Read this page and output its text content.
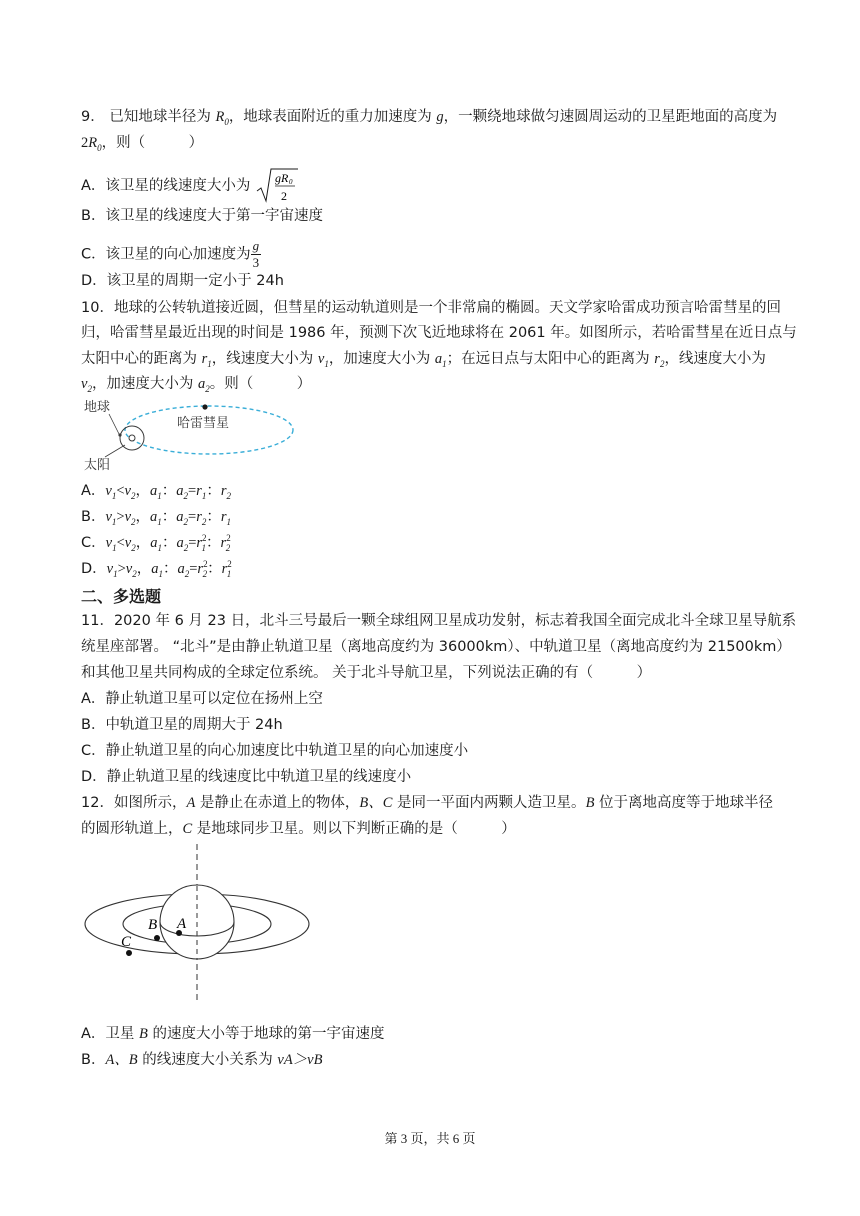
9． 已知地球半径为 $R_0$，地球表面附近的重力加速度为 g，一颗绕地球做匀速圆周运动的卫星距地面的高度为
$2R_0$，则（　　　）
A．该卫星的线速度大小为 gR 0
2
B．该卫星的线速度大于第一宇宙速度
C．该卫星的向心加速度为 $\frac{g}{3}$
D．该卫星的周期一定小于 24h
10．地球的公转轨道接近圆，但彗星的运动轨道则是一个非常扁的椭圆。天文学家哈雷成功预言哈雷彗星的回
归，哈雷彗星最近出现的时间是 1986 年，预测下次飞近地球将在 2061 年。如图所示，若哈雷彗星在近日点与
太阳中心的距离为 $r_1$，线速度大小为 $v_1$，加速度大小为 $a_1$；在远日点与太阳中心的距离为 $r_2$，线速度大小为
$v_2$，加速度大小为 $a_2$。则（　　　）
地球
太阳
哈雷彗星
A．$v_1<v_2$，$a_1$：$a_2=r_1$：$r_2$
B．$v_1>v_2$，$a_1$：$a_2=r_2$：$r_1$
C．$v_1<v_2$，$a_1$：$a_2=r^2_1$：$r^2_2$
D．$v_1>v_2$，$a_1$：$a_2=r^2_2$：$r^2_1$
二、多选题
11．2020 年 6 月 23 日，北斗三号最后一颗全球组网卫星成功发射，标志着我国全面完成北斗全球卫星导航系
统星座部署。 “北斗”是由静止轨道卫星（离地高度约为 36000km）、中轨道卫星（离地高度约为 21500km）
和其他卫星共同构成的全球定位系统。 关于北斗导航卫星，下列说法正确的有（　　　）
A．静止轨道卫星可以定位在扬州上空
B．中轨道卫星的周期大于 24h
C．静止轨道卫星的向心加速度比中轨道卫星的向心加速度小
D．静止轨道卫星的线速度比中轨道卫星的线速度小
12．如图所示，A 是静止在赤道上的物体，B、C 是同一平面内两颗人造卫星。B 位于离地高度等于地球半径
的圆形轨道上，C 是地球同步卫星。则以下判断正确的是（　　　）
A
B
C
A．卫星 B 的速度大小等于地球的第一宇宙速度
B．A、B 的线速度大小关系为 vA＞vB
第 3 页，共 6 页
